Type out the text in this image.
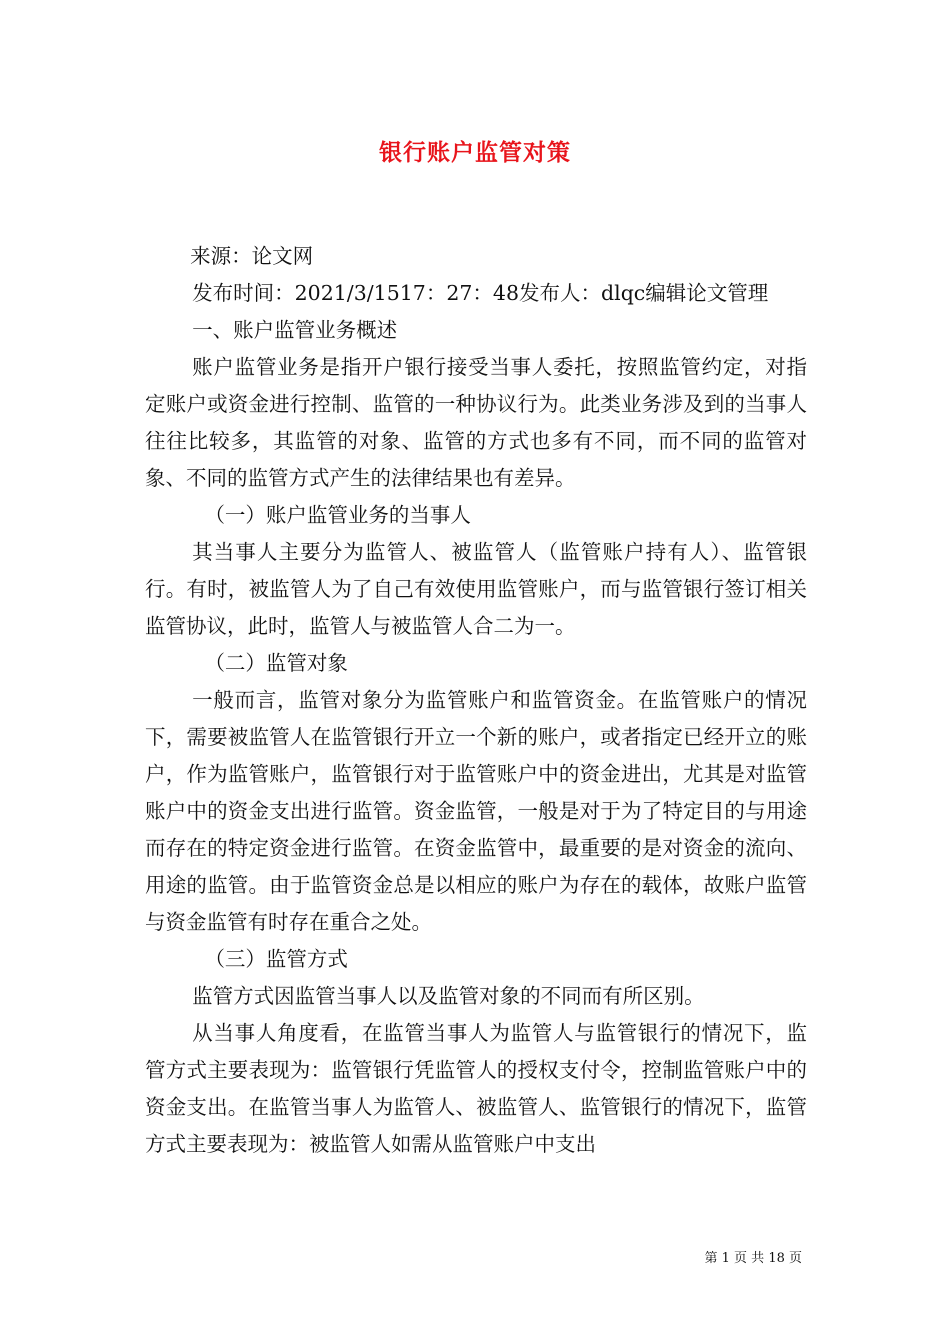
银行账户监管对策

来源：论文网

发布时间：2021/3/1517：27：48发布人：dlqc编辑论文管理

一、账户监管业务概述

账户监管业务是指开户银行接受当事人委托，按照监管约定，对指定账户或资金进行控制、监管的一种协议行为。此类业务涉及到的当事人往往比较多，其监管的对象、监管的方式也多有不同，而不同的监管对象、不同的监管方式产生的法律结果也有差异。

（一）账户监管业务的当事人

其当事人主要分为监管人、被监管人（监管账户持有人）、监管银行。有时，被监管人为了自己有效使用监管账户，而与监管银行签订相关监管协议，此时，监管人与被监管人合二为一。

（二）监管对象

一般而言，监管对象分为监管账户和监管资金。在监管账户的情况下，需要被监管人在监管银行开立一个新的账户，或者指定已经开立的账户，作为监管账户，监管银行对于监管账户中的资金进出，尤其是对监管账户中的资金支出进行监管。资金监管，一般是对于为了特定目的与用途而存在的特定资金进行监管。在资金监管中，最重要的是对资金的流向、用途的监管。由于监管资金总是以相应的账户为存在的载体，故账户监管与资金监管有时存在重合之处。

（三）监管方式

监管方式因监管当事人以及监管对象的不同而有所区别。

从当事人角度看，在监管当事人为监管人与监管银行的情况下，监管方式主要表现为：监管银行凭监管人的授权支付令，控制监管账户中的资金支出。在监管当事人为监管人、被监管人、监管银行的情况下，监管方式主要表现为：被监管人如需从监管账户中支出

第 1 页 共 18 页
